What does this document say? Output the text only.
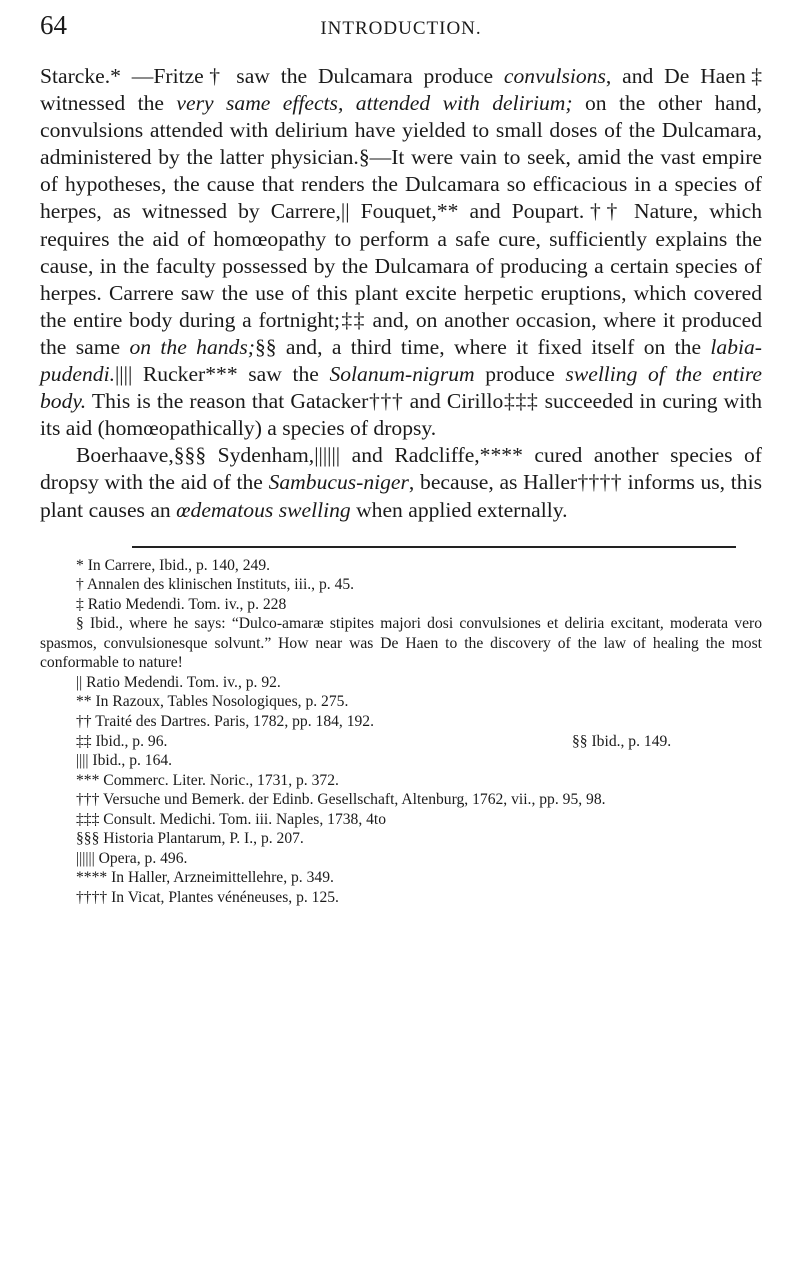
64	INTRODUCTION.

Starcke.* —Fritze† saw the Dulcamara produce convulsions, and De Haen‡ witnessed the very same effects, attended with delirium; on the other hand, convulsions attended with delirium have yielded to small doses of the Dulcamara, administered by the latter physician.§—It were vain to seek, amid the vast empire of hypotheses, the cause that renders the Dulcamara so efficacious in a species of herpes, as witnessed by Carrere,|| Fouquet,** and Poupart.†† Nature, which requires the aid of homœopathy to perform a safe cure, sufficiently explains the cause, in the faculty possessed by the Dulcamara of producing a certain species of herpes. Carrere saw the use of this plant excite herpetic eruptions, which covered the entire body during a fortnight;‡‡ and, on another occasion, where it produced the same on the hands;§§ and, a third time, where it fixed itself on the labia-pudendi.|||| Rucker*** saw the Solanum-nigrum produce swelling of the entire body. This is the reason that Gatacker††† and Cirillo‡‡‡ succeeded in curing with its aid (homœopathically) a species of dropsy.

Boerhaave,§§§ Sydenham,|||||| and Radcliffe,**** cured another species of dropsy with the aid of the Sambucus-niger, because, as Haller†††† informs us, this plant causes an œdematous swelling when applied externally.

* In Carrere, Ibid., p. 140, 249.

† Annalen des klinischen Instituts, iii., p. 45.

‡ Ratio Medendi. Tom. iv., p. 228

§ Ibid., where he says: “Dulco-amaræ stipites majori dosi convulsiones et deliria excitant, moderata vero spasmos, convulsionesque solvunt.” How near was De Haen to the discovery of the law of healing the most conformable to nature!

|| Ratio Medendi. Tom. iv., p. 92.

** In Razoux, Tables Nosologiques, p. 275.

†† Traité des Dartres. Paris, 1782, pp. 184, 192.

‡‡ Ibid., p. 96.	§§ Ibid., p. 149.

|||| Ibid., p. 164.

*** Commerc. Liter. Noric., 1731, p. 372.

††† Versuche und Bemerk. der Edinb. Gesellschaft, Altenburg, 1762, vii., pp. 95, 98.

‡‡‡ Consult. Medichi. Tom. iii. Naples, 1738, 4to

§§§ Historia Plantarum, P. I., p. 207.

|||||| Opera, p. 496.

**** In Haller, Arzneimittellehre, p. 349.

†††† In Vicat, Plantes vénéneuses, p. 125.
